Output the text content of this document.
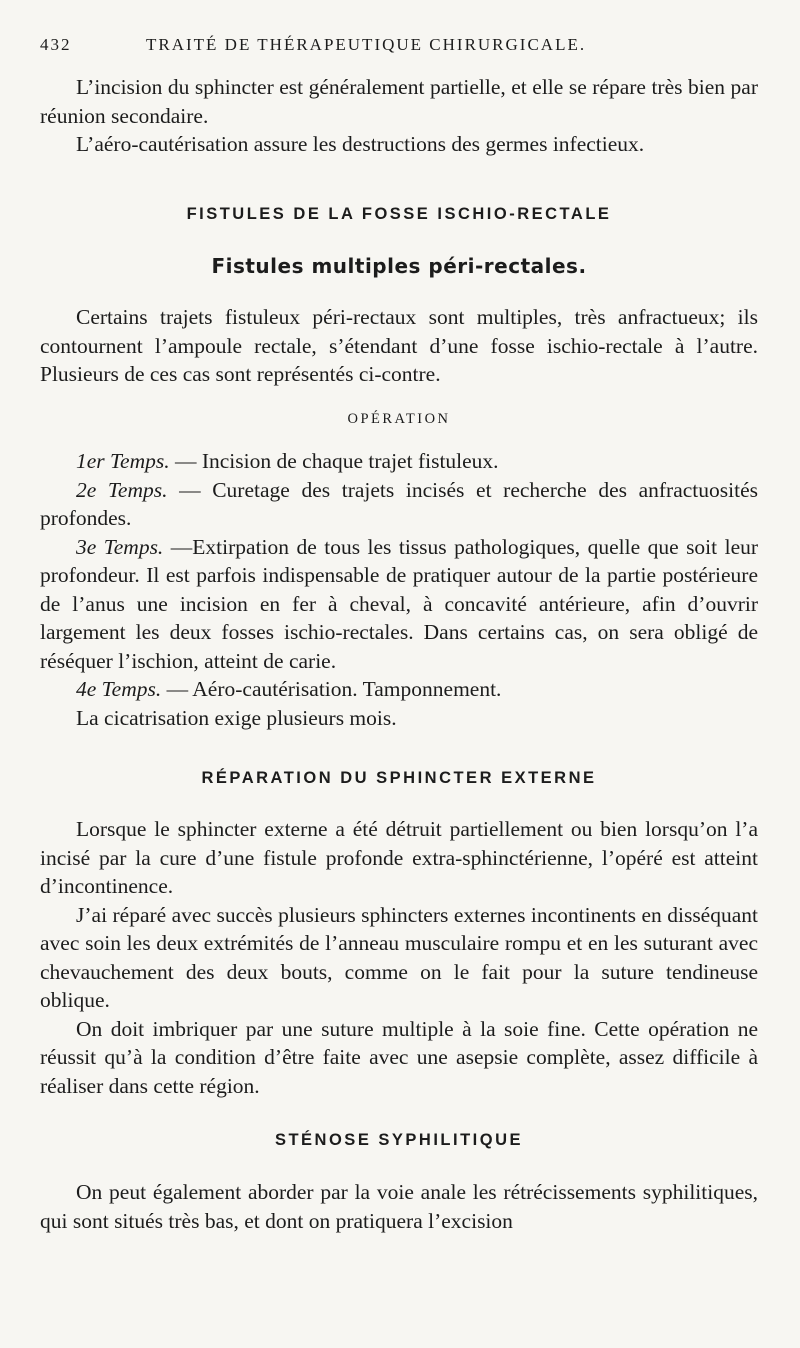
432	TRAITÉ DE THÉRAPEUTIQUE CHIRURGICALE.

L’incision du sphincter est généralement partielle, et elle se répare très bien par réunion secondaire.

L’aéro-cautérisation assure les destructions des germes infectieux.

FISTULES DE LA FOSSE ISCHIO-RECTALE
Fistules multiples péri-rectales.

Certains trajets fistuleux péri-rectaux sont multiples, très anfractueux; ils contournent l’ampoule rectale, s’étendant d’une fosse ischio-rectale à l’autre. Plusieurs de ces cas sont représentés ci-contre.

OPÉRATION

1er Temps. — Incision de chaque trajet fistuleux.

2e Temps. — Curetage des trajets incisés et recherche des anfractuosités profondes.

3e Temps. —Extirpation de tous les tissus pathologiques, quelle que soit leur profondeur. Il est parfois indispensable de pratiquer autour de la partie postérieure de l’anus une incision en fer à cheval, à concavité antérieure, afin d’ouvrir largement les deux fosses ischio-rectales. Dans certains cas, on sera obligé de réséquer l’ischion, atteint de carie.

4e Temps. — Aéro-cautérisation. Tamponnement.

La cicatrisation exige plusieurs mois.

RÉPARATION DU SPHINCTER EXTERNE

Lorsque le sphincter externe a été détruit partiellement ou bien lorsqu’on l’a incisé par la cure d’une fistule profonde extra-sphinctérienne, l’opéré est atteint d’incontinence.

J’ai réparé avec succès plusieurs sphincters externes incontinents en disséquant avec soin les deux extrémités de l’anneau musculaire rompu et en les suturant avec chevauchement des deux bouts, comme on le fait pour la suture tendineuse oblique.

On doit imbriquer par une suture multiple à la soie fine. Cette opération ne réussit qu’à la condition d’être faite avec une asepsie complète, assez difficile à réaliser dans cette région.

STÉNOSE SYPHILITIQUE

On peut également aborder par la voie anale les rétrécissements syphilitiques, qui sont situés très bas, et dont on pratiquera l’excision
